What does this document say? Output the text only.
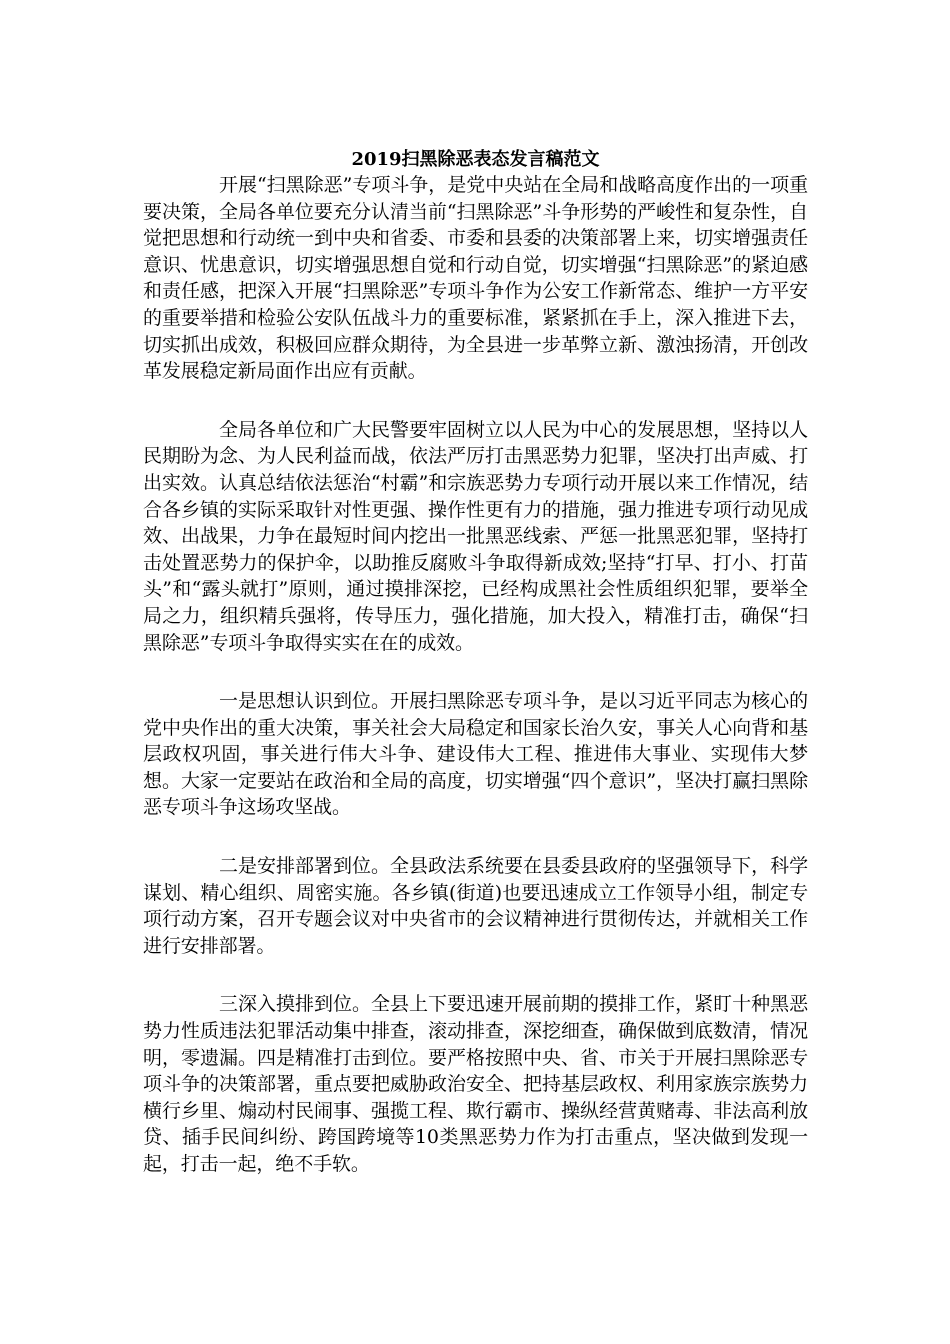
2019扫黑除恶表态发言稿范文

开展“扫黑除恶”专项斗争，是党中央站在全局和战略高度作出的一项重要决策，全局各单位要充分认清当前“扫黑除恶”斗争形势的严峻性和复杂性，自觉把思想和行动统一到中央和省委、市委和县委的决策部署上来，切实增强责任意识、忧患意识，切实增强思想自觉和行动自觉，切实增强“扫黑除恶”的紧迫感和责任感，把深入开展“扫黑除恶”专项斗争作为公安工作新常态、维护一方平安的重要举措和检验公安队伍战斗力的重要标准，紧紧抓在手上，深入推进下去，切实抓出成效，积极回应群众期待，为全县进一步革弊立新、激浊扬清，开创改革发展稳定新局面作出应有贡献。

全局各单位和广大民警要牢固树立以人民为中心的发展思想，坚持以人民期盼为念、为人民利益而战，依法严厉打击黑恶势力犯罪，坚决打出声威、打出实效。认真总结依法惩治“村霸”和宗族恶势力专项行动开展以来工作情况，结合各乡镇的实际采取针对性更强、操作性更有力的措施，强力推进专项行动见成效、出战果，力争在最短时间内挖出一批黑恶线索、严惩一批黑恶犯罪，坚持打击处置恶势力的保护伞，以助推反腐败斗争取得新成效;坚持“打早、打小、打苗头”和“露头就打”原则，通过摸排深挖，已经构成黑社会性质组织犯罪，要举全局之力，组织精兵强将，传导压力，强化措施，加大投入，精准打击，确保“扫黑除恶”专项斗争取得实实在在的成效。

一是思想认识到位。开展扫黑除恶专项斗争，是以习近平同志为核心的党中央作出的重大决策，事关社会大局稳定和国家长治久安，事关人心向背和基层政权巩固，事关进行伟大斗争、建设伟大工程、推进伟大事业、实现伟大梦想。大家一定要站在政治和全局的高度，切实增强“四个意识”，坚决打赢扫黑除恶专项斗争这场攻坚战。

二是安排部署到位。全县政法系统要在县委县政府的坚强领导下，科学谋划、精心组织、周密实施。各乡镇(街道)也要迅速成立工作领导小组，制定专项行动方案，召开专题会议对中央省市的会议精神进行贯彻传达，并就相关工作进行安排部署。

三深入摸排到位。全县上下要迅速开展前期的摸排工作，紧盯十种黑恶势力性质违法犯罪活动集中排查，滚动排查，深挖细查，确保做到底数清，情况明，零遗漏。四是精准打击到位。要严格按照中央、省、市关于开展扫黑除恶专项斗争的决策部署，重点要把威胁政治安全、把持基层政权、利用家族宗族势力横行乡里、煽动村民闹事、强揽工程、欺行霸市、操纵经营黄赌毒、非法高利放贷、插手民间纠纷、跨国跨境等10类黑恶势力作为打击重点，坚决做到发现一起，打击一起，绝不手软。
